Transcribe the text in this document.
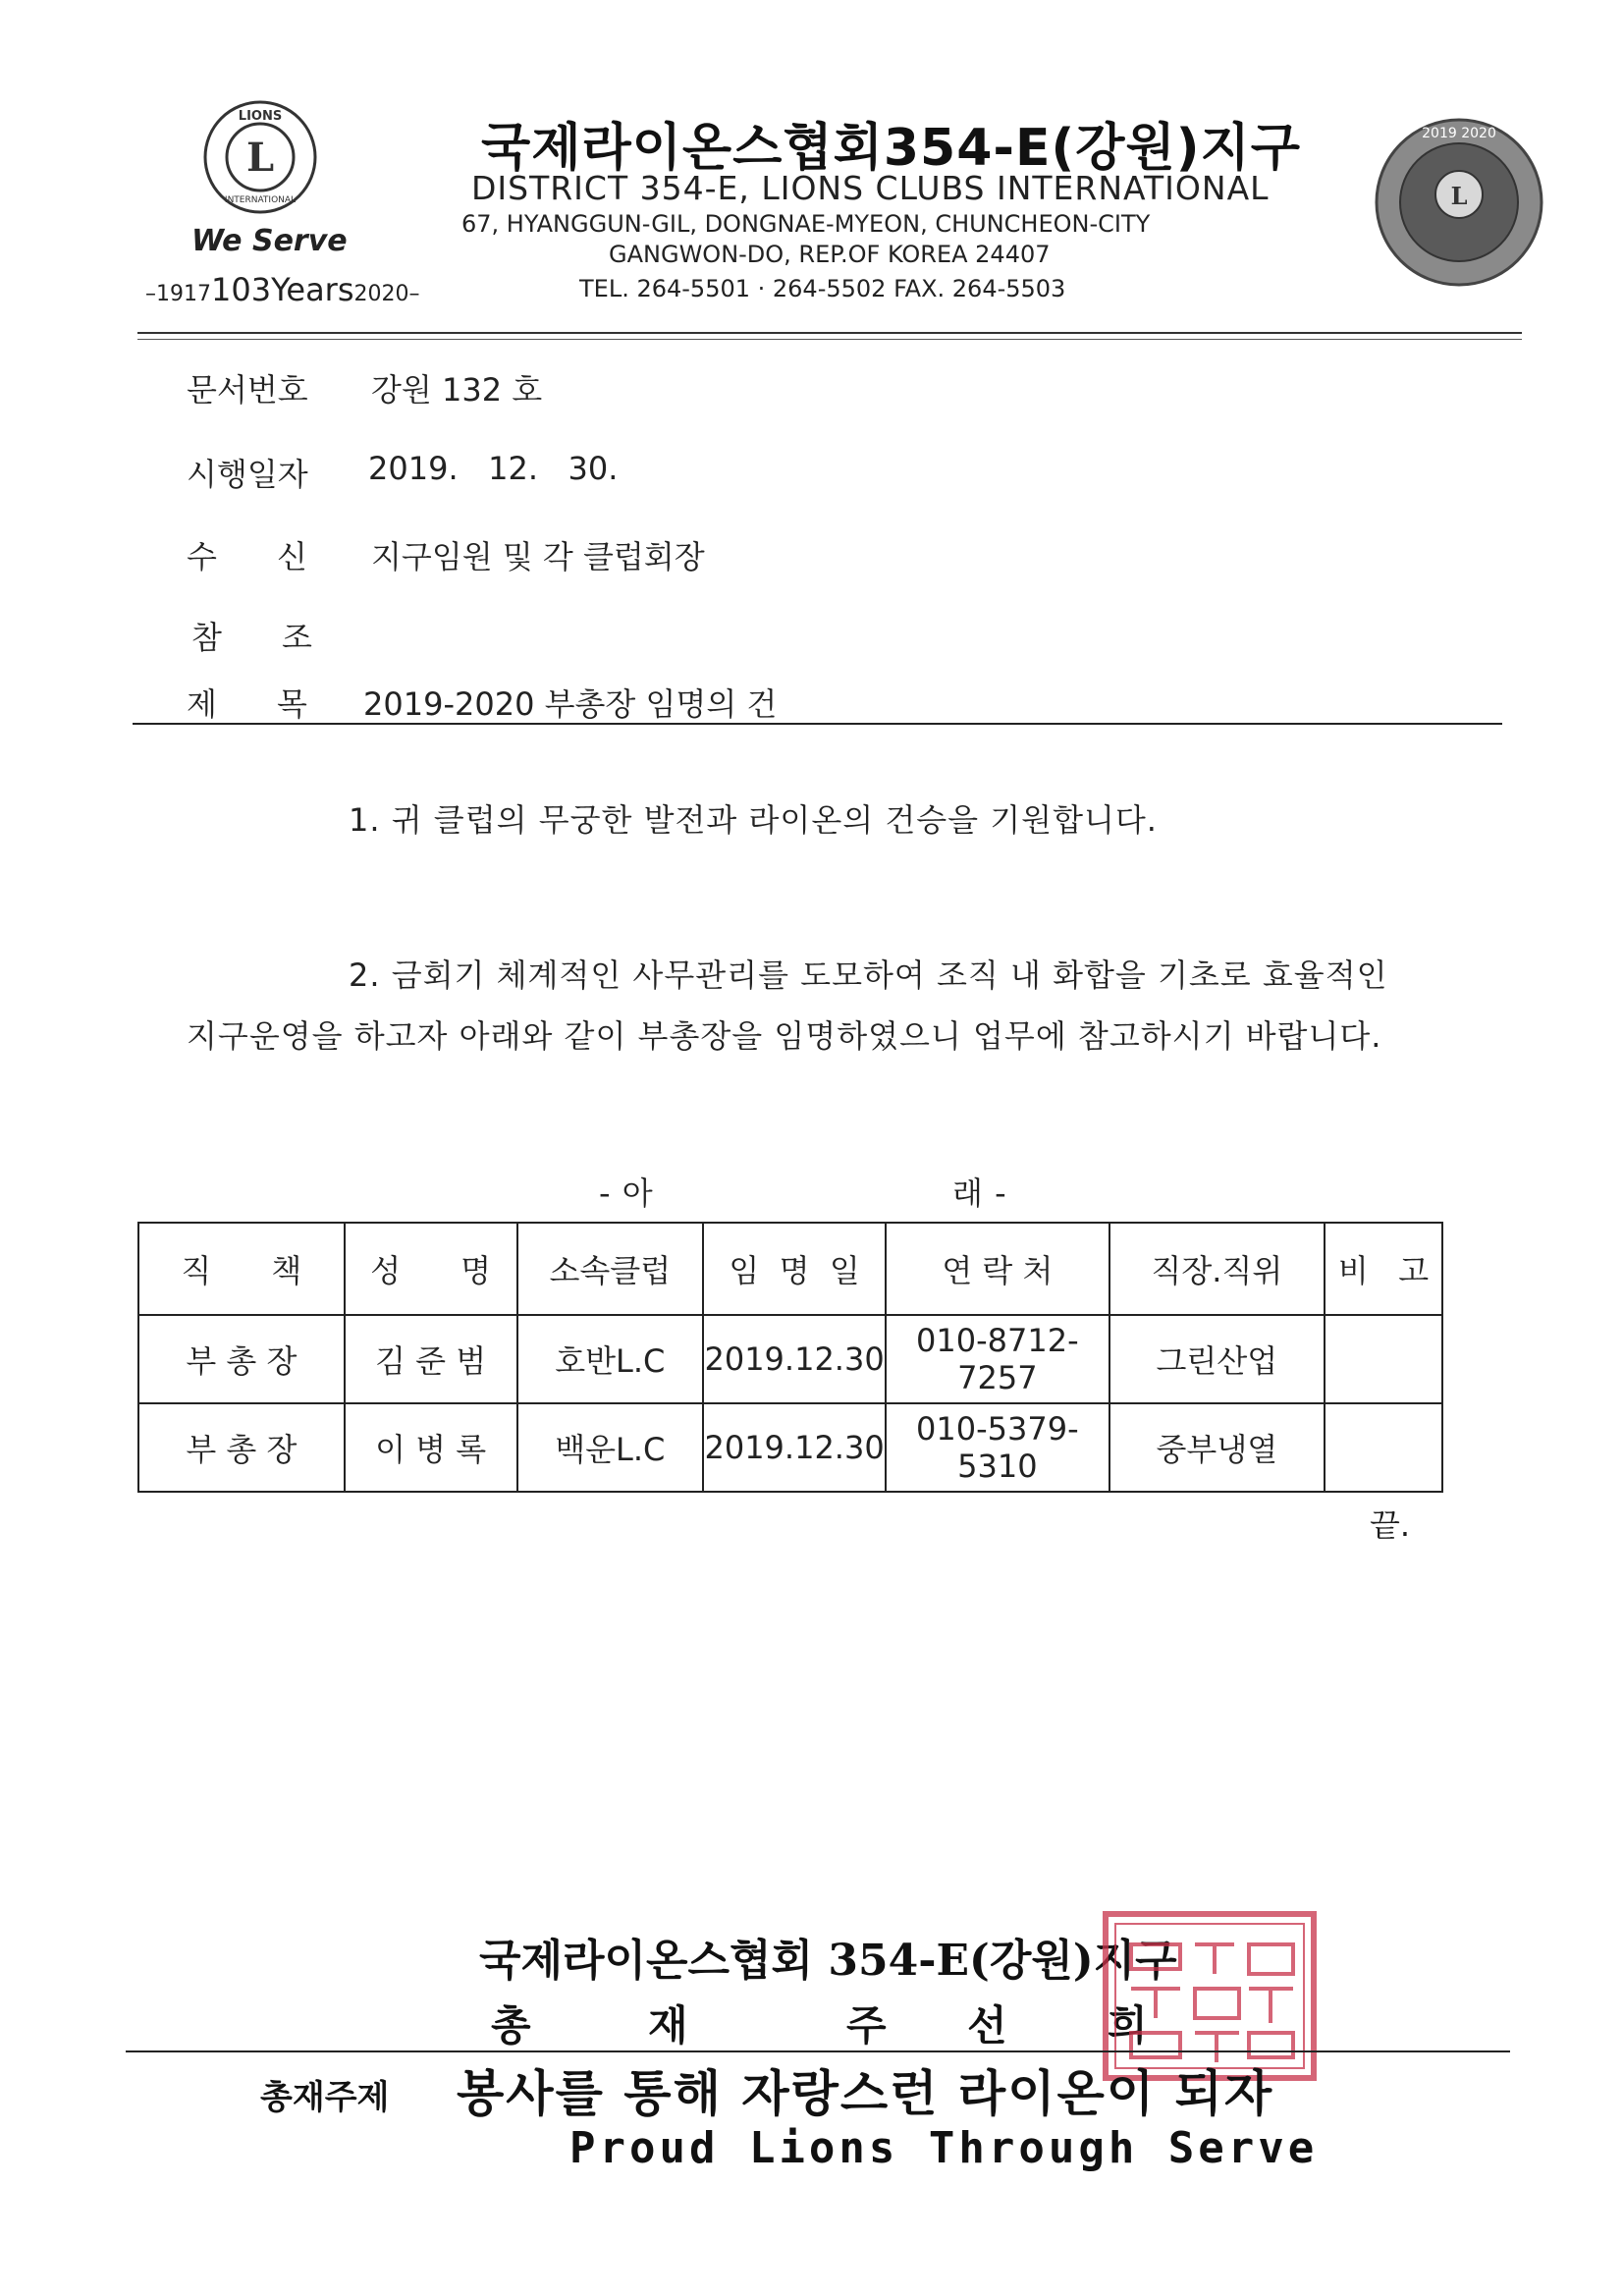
L
LIONS
INTERNATIONAL
We Serve
–1917103Years2020–
국제라이온스협회354-E(강원)지구
DISTRICT 354-E, LIONS CLUBS INTERNATIONAL
67, HYANGGUN-GIL, DONGNAE-MYEON, CHUNCHEON-CITY
GANGWON-DO, REP.OF KOREA 24407
TEL. 264-5501 · 264-5502 FAX. 264-5503
L
2019 2020
문서번호 강원 132 호
시행일자 2019.   12.   30.
수      신 지구임원 및 각 클럽회장
참      조
제      목 2019-2020 부총장 임명의 건
1. 귀 클럽의 무궁한 발전과 라이온의 건승을 기원합니다.
2. 금회기 체계적인 사무관리를 도모하여 조직 내 화합을 기초로 효율적인
지구운영을 하고자 아래와 같이 부총장을 임명하였으니 업무에 참고하시기 바랍니다.
- 아	래 -
직      책	성      명	소속클럽	임  명  일	연 락 처	직장.직위	비   고
부 총 장	김 준 범	호반L.C	2019.12.30	010-8712-7257	그린산업	
부 총 장	이 병 록	백운L.C	2019.12.30	010-5379-5310	중부냉열	
끝.
국제라이온스협회 354-E(강원)지구
총	재	주 선 희
총재주제 봉사를 통해 자랑스런 라이온이 되자
Proud Lions Through Serve
